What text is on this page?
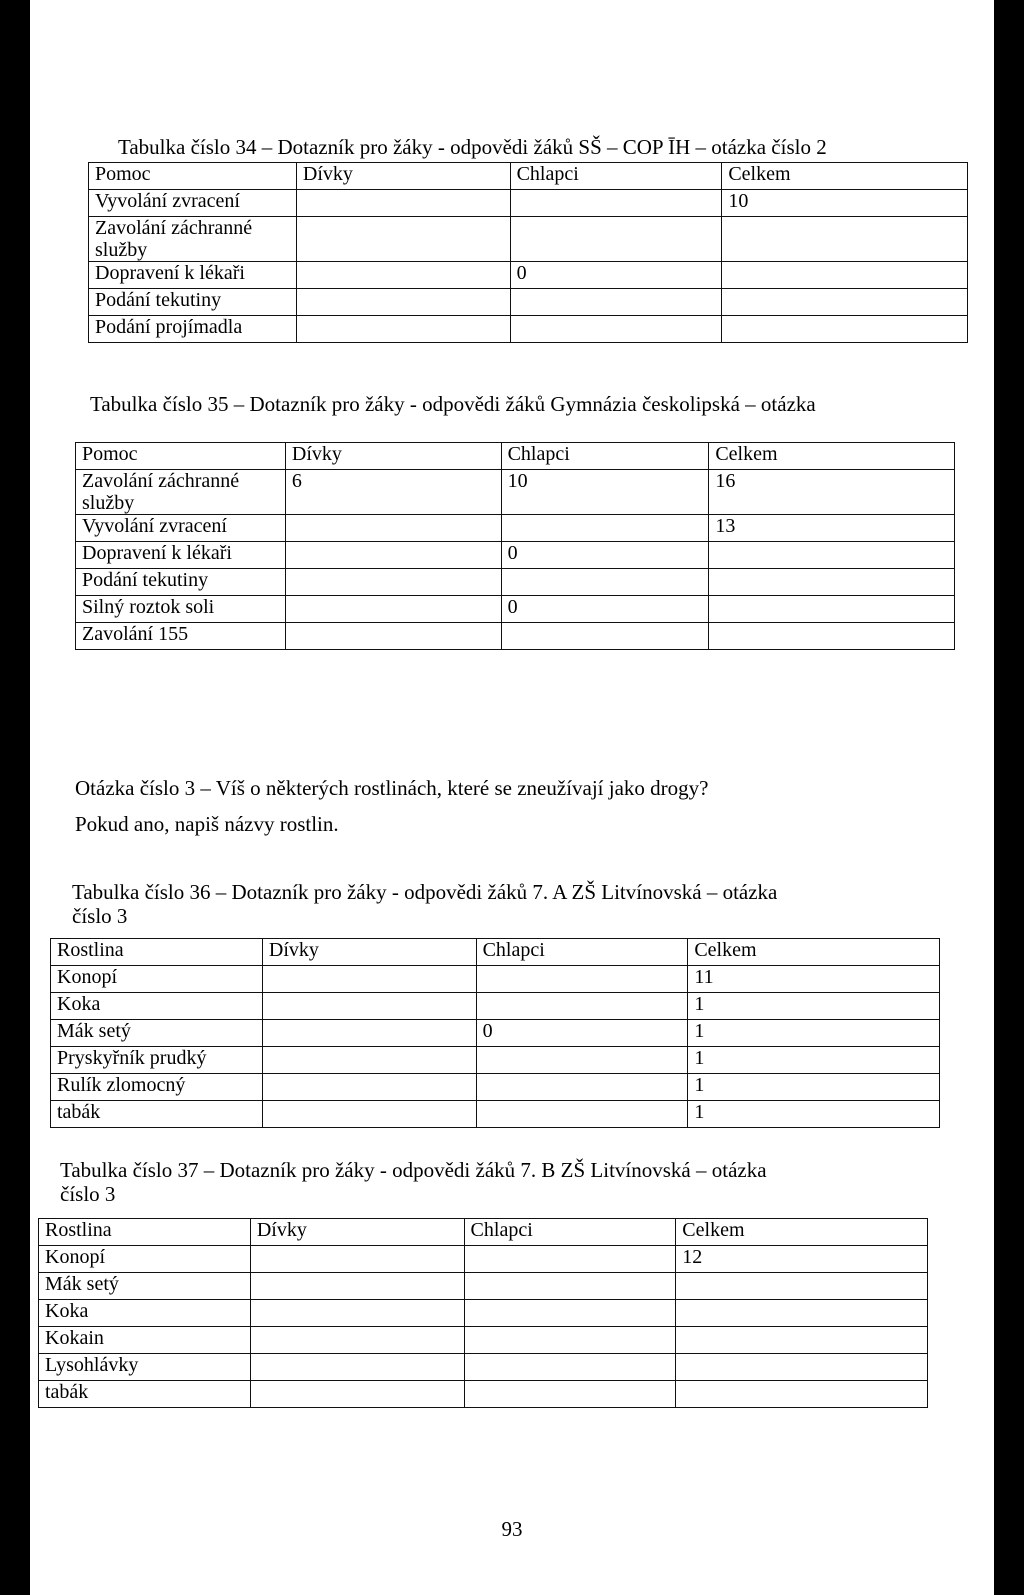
Tabulka číslo 34 – Dotazník pro žáky - odpovědi žáků SŠ – COP ĪH – otázka číslo 2
Pomoc	Dívky	Chlapci	Celkem
Vyvolání zvracení			10
Zavolání záchranné služby			
Dopravení k lékaři		0	
Podání tekutiny			
Podání projímadla			
Tabulka číslo 35 – Dotazník pro žáky - odpovědi žáků Gymnázia českolipská – otázka
Pomoc	Dívky	Chlapci	Celkem
Zavolání záchranné služby	6	10	16
Vyvolání zvracení			13
Dopravení k lékaři		0	
Podání tekutiny			
Silný roztok soli		0	
Zavolání 155			
Otázka číslo 3 – Víš o některých rostlinách, které se zneužívají jako drogy?
Pokud ano, napiš názvy rostlin.
Tabulka číslo 36 – Dotazník pro žáky - odpovědi žáků 7. A ZŠ Litvínovská – otázka
číslo 3
Rostlina	Dívky	Chlapci	Celkem
Konopí			11
Koka			1
Mák setý		0	1
Pryskyřník prudký			1
Rulík zlomocný			1
tabák			1
Tabulka číslo 37 – Dotazník pro žáky - odpovědi žáků 7. B ZŠ Litvínovská – otázka
číslo 3
Rostlina	Dívky	Chlapci	Celkem
Konopí			12
Mák setý			
Koka			
Kokain			
Lysohlávky			
tabák			
93
